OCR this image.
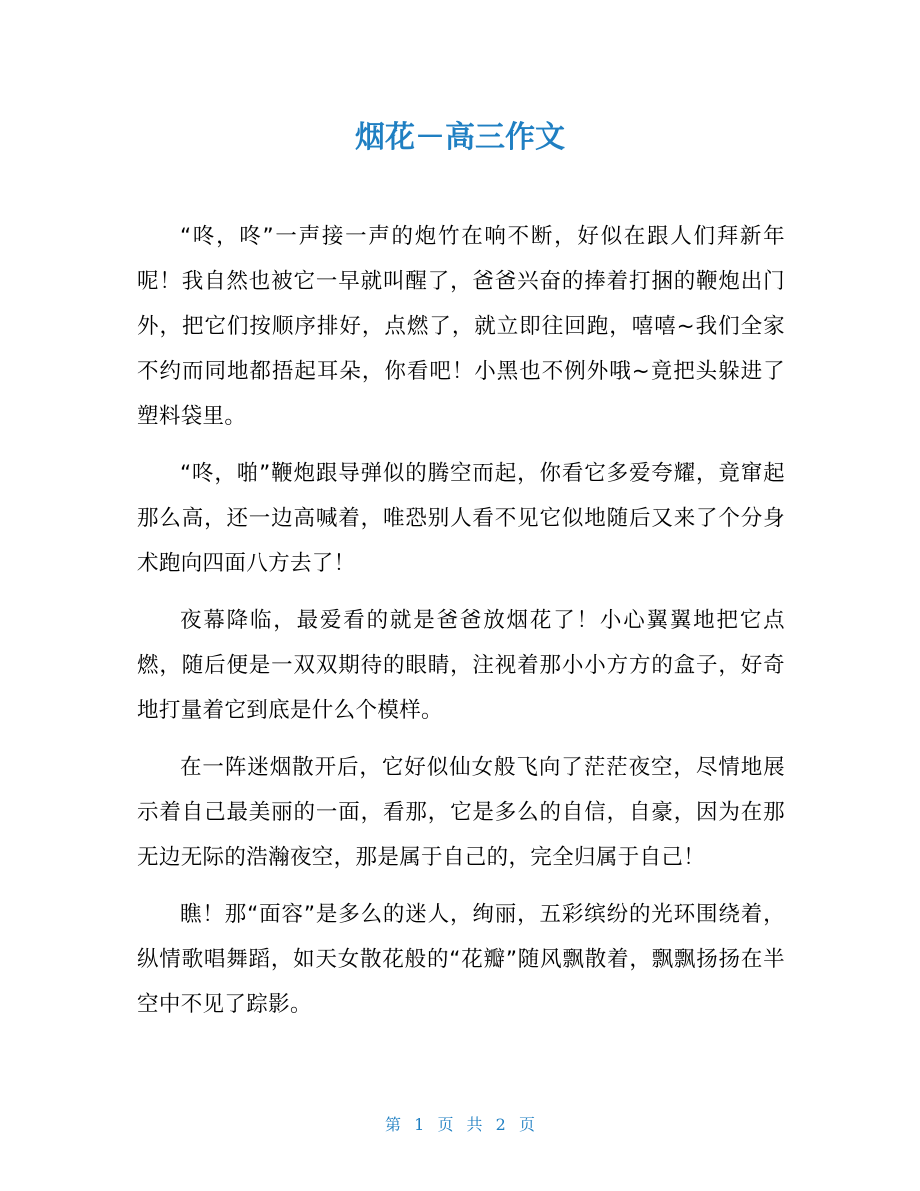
烟花－高三作文

“咚，咚”一声接一声的炮竹在响不断，好似在跟人们拜新年呢！我自然也被它一早就叫醒了，爸爸兴奋的捧着打捆的鞭炮出门外，把它们按顺序排好，点燃了，就立即往回跑，嘻嘻~我们全家不约而同地都捂起耳朵，你看吧！小黑也不例外哦~竟把头躲进了塑料袋里。

“咚，啪”鞭炮跟导弹似的腾空而起，你看它多爱夸耀，竟窜起那么高，还一边高喊着，唯恐别人看不见它似地随后又来了个分身术跑向四面八方去了！

夜幕降临，最爱看的就是爸爸放烟花了！小心翼翼地把它点燃，随后便是一双双期待的眼睛，注视着那小小方方的盒子，好奇地打量着它到底是什么个模样。

在一阵迷烟散开后，它好似仙女般飞向了茫茫夜空，尽情地展示着自己最美丽的一面，看那，它是多么的自信，自豪，因为在那无边无际的浩瀚夜空，那是属于自己的，完全归属于自己！

瞧！那“面容”是多么的迷人，绚丽，五彩缤纷的光环围绕着，纵情歌唱舞蹈，如天女散花般的“花瓣”随风飘散着，飘飘扬扬在半空中不见了踪影。

第 1 页 共 2 页
